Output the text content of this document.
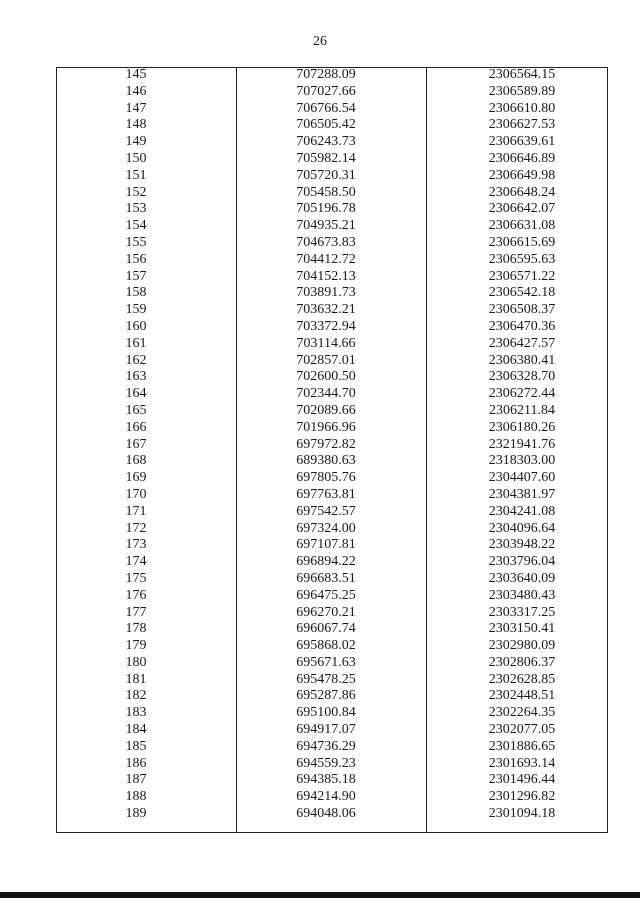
26
145	707288.09	2306564.15
146	707027.66	2306589.89
147	706766.54	2306610.80
148	706505.42	2306627.53
149	706243.73	2306639.61
150	705982.14	2306646.89
151	705720.31	2306649.98
152	705458.50	2306648.24
153	705196.78	2306642.07
154	704935.21	2306631.08
155	704673.83	2306615.69
156	704412.72	2306595.63
157	704152.13	2306571.22
158	703891.73	2306542.18
159	703632.21	2306508.37
160	703372.94	2306470.36
161	703114.66	2306427.57
162	702857.01	2306380.41
163	702600.50	2306328.70
164	702344.70	2306272.44
165	702089.66	2306211.84
166	701966.96	2306180.26
167	697972.82	2321941.76
168	689380.63	2318303.00
169	697805.76	2304407.60
170	697763.81	2304381.97
171	697542.57	2304241.08
172	697324.00	2304096.64
173	697107.81	2303948.22
174	696894.22	2303796.04
175	696683.51	2303640.09
176	696475.25	2303480.43
177	696270.21	2303317.25
178	696067.74	2303150.41
179	695868.02	2302980.09
180	695671.63	2302806.37
181	695478.25	2302628.85
182	695287.86	2302448.51
183	695100.84	2302264.35
184	694917.07	2302077.05
185	694736.29	2301886.65
186	694559.23	2301693.14
187	694385.18	2301496.44
188	694214.90	2301296.82
189	694048.06	2301094.18
